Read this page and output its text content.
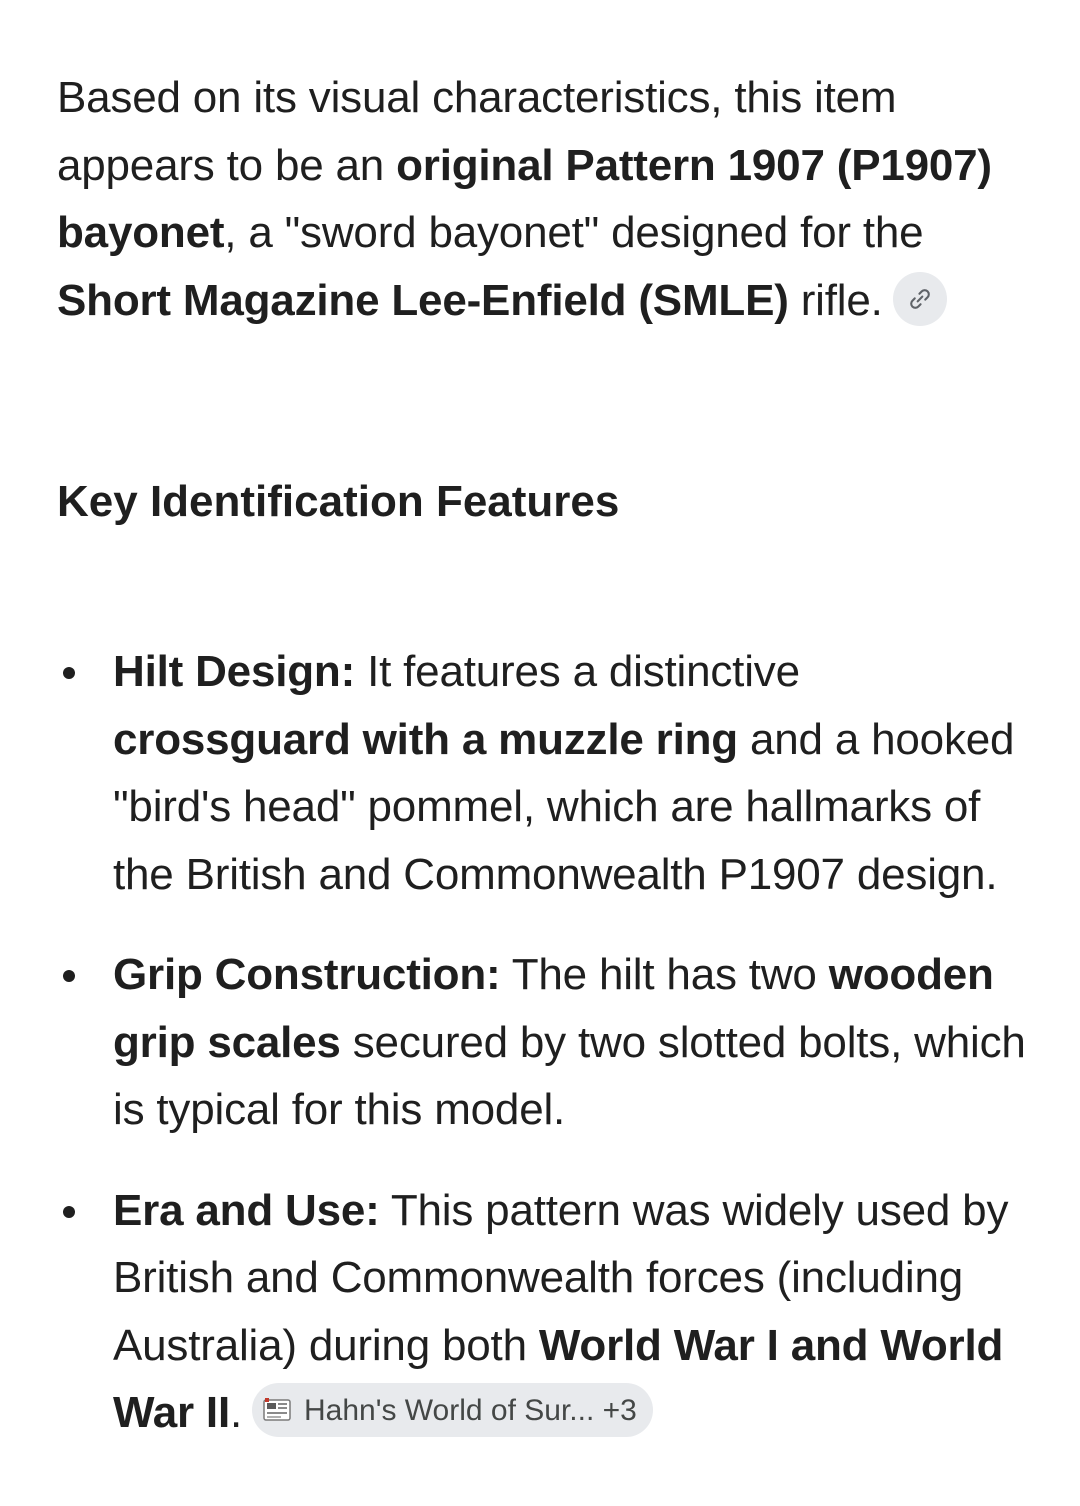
Based on its visual characteristics, this item appears to be an original Pattern 1907 (P1907) bayonet, a "sword bayonet" designed for the Short Magazine Lee-Enfield (SMLE) rifle.

Key Identification Features
Hilt Design: It features a distinctive crossguard with a muzzle ring and a hooked "bird's head" pommel, which are hallmarks of the British and Commonwealth P1907 design.
Grip Construction: The hilt has two wooden grip scales secured by two slotted bolts, which is typical for this model.
Era and Use: This pattern was widely used by British and Commonwealth forces (including Australia) during both World War I and World War II. Hahn's World of Sur... +3
